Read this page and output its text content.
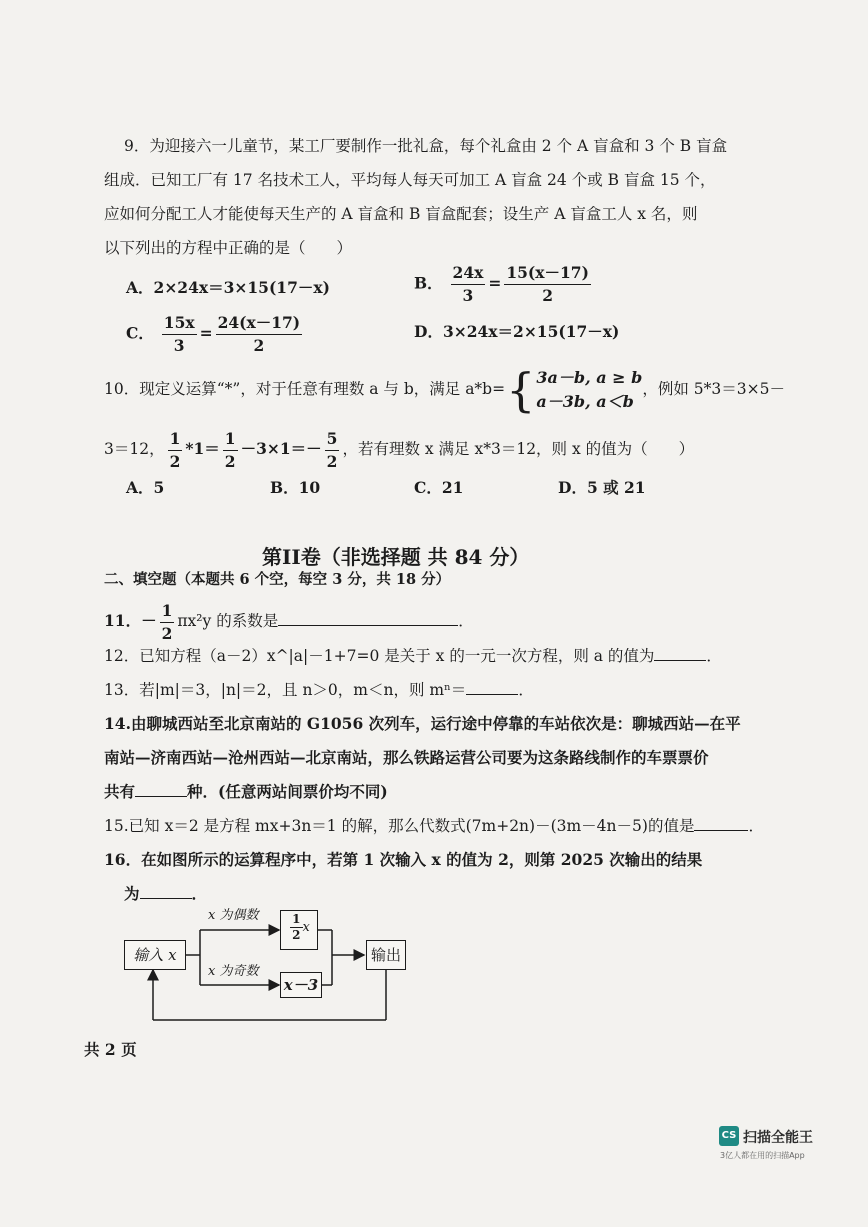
9．为迎接六一儿童节，某工厂要制作一批礼盒，每个礼盒由 2 个 A 盲盒和 3 个 B 盲盒
组成．已知工厂有 17 名技术工人，平均每人每天可加工 A 盲盒 24 个或 B 盲盒 15 个，
应如何分配工人才能使每天生产的 A 盲盒和 B 盲盒配套；设生产 A 盲盒工人 x 名，则
以下列出的方程中正确的是（　　）
A．2×24x＝3×15(17－x)	B． $\frac{24x}{3} = \frac{15(x-17)}{2}$
C． $\frac{15x}{3} = \frac{24(x-17)}{2}$	D．3×24x＝2×15(17－x)
10．现定义运算“*”，对于任意有理数 a 与 b，满足 a*b={ 3a－b, a ≥ b
a－3b, a＜b
，例如 5*3＝3×5－
3＝12， $\frac{1}{2} *1= \frac{1}{2} -3\times 1=- \frac{5}{2}$ ，若有理数 x 满足 x*3＝12，则 x 的值为（　　）
A．5	B．10	C．21	D．5 或 21
第II卷（非选择题 共 84 分）
二、填空题（本题共 6 个空，每空 3 分，共 18 分）
11．－ $\frac{1}{2} \pi x^2y$ 的系数是	．
12．已知方程（a－2）x^|a|－1+7=0 是关于 x 的一元一次方程，则 a 的值为	．
13．若|m|＝3，|n|＝2，且 n＞0，m＜n，则 mⁿ＝	．
14.由聊城西站至北京南站的 G1056 次列车，运行途中停靠的车站依次是：聊城西站—在平
南站—济南西站—沧州西站—北京南站，那么铁路运营公司要为这条路线制作的车票票价
共有	种．(任意两站间票价均不同)
15.已知 x＝2 是方程 mx+3n＝1 的解，那么代数式(7m+2n)－(3m－4n－5)的值是	．
16．在如图所示的运算程序中，若第 1 次输入 x 的值为 2，则第 2025 次输出的结果
为	．
输入 x
x 为偶数
x 为奇数
$\frac{1}{2}$ x
x－3
输出
共 2 页
CS 扫描全能王
3亿人都在用的扫描App
